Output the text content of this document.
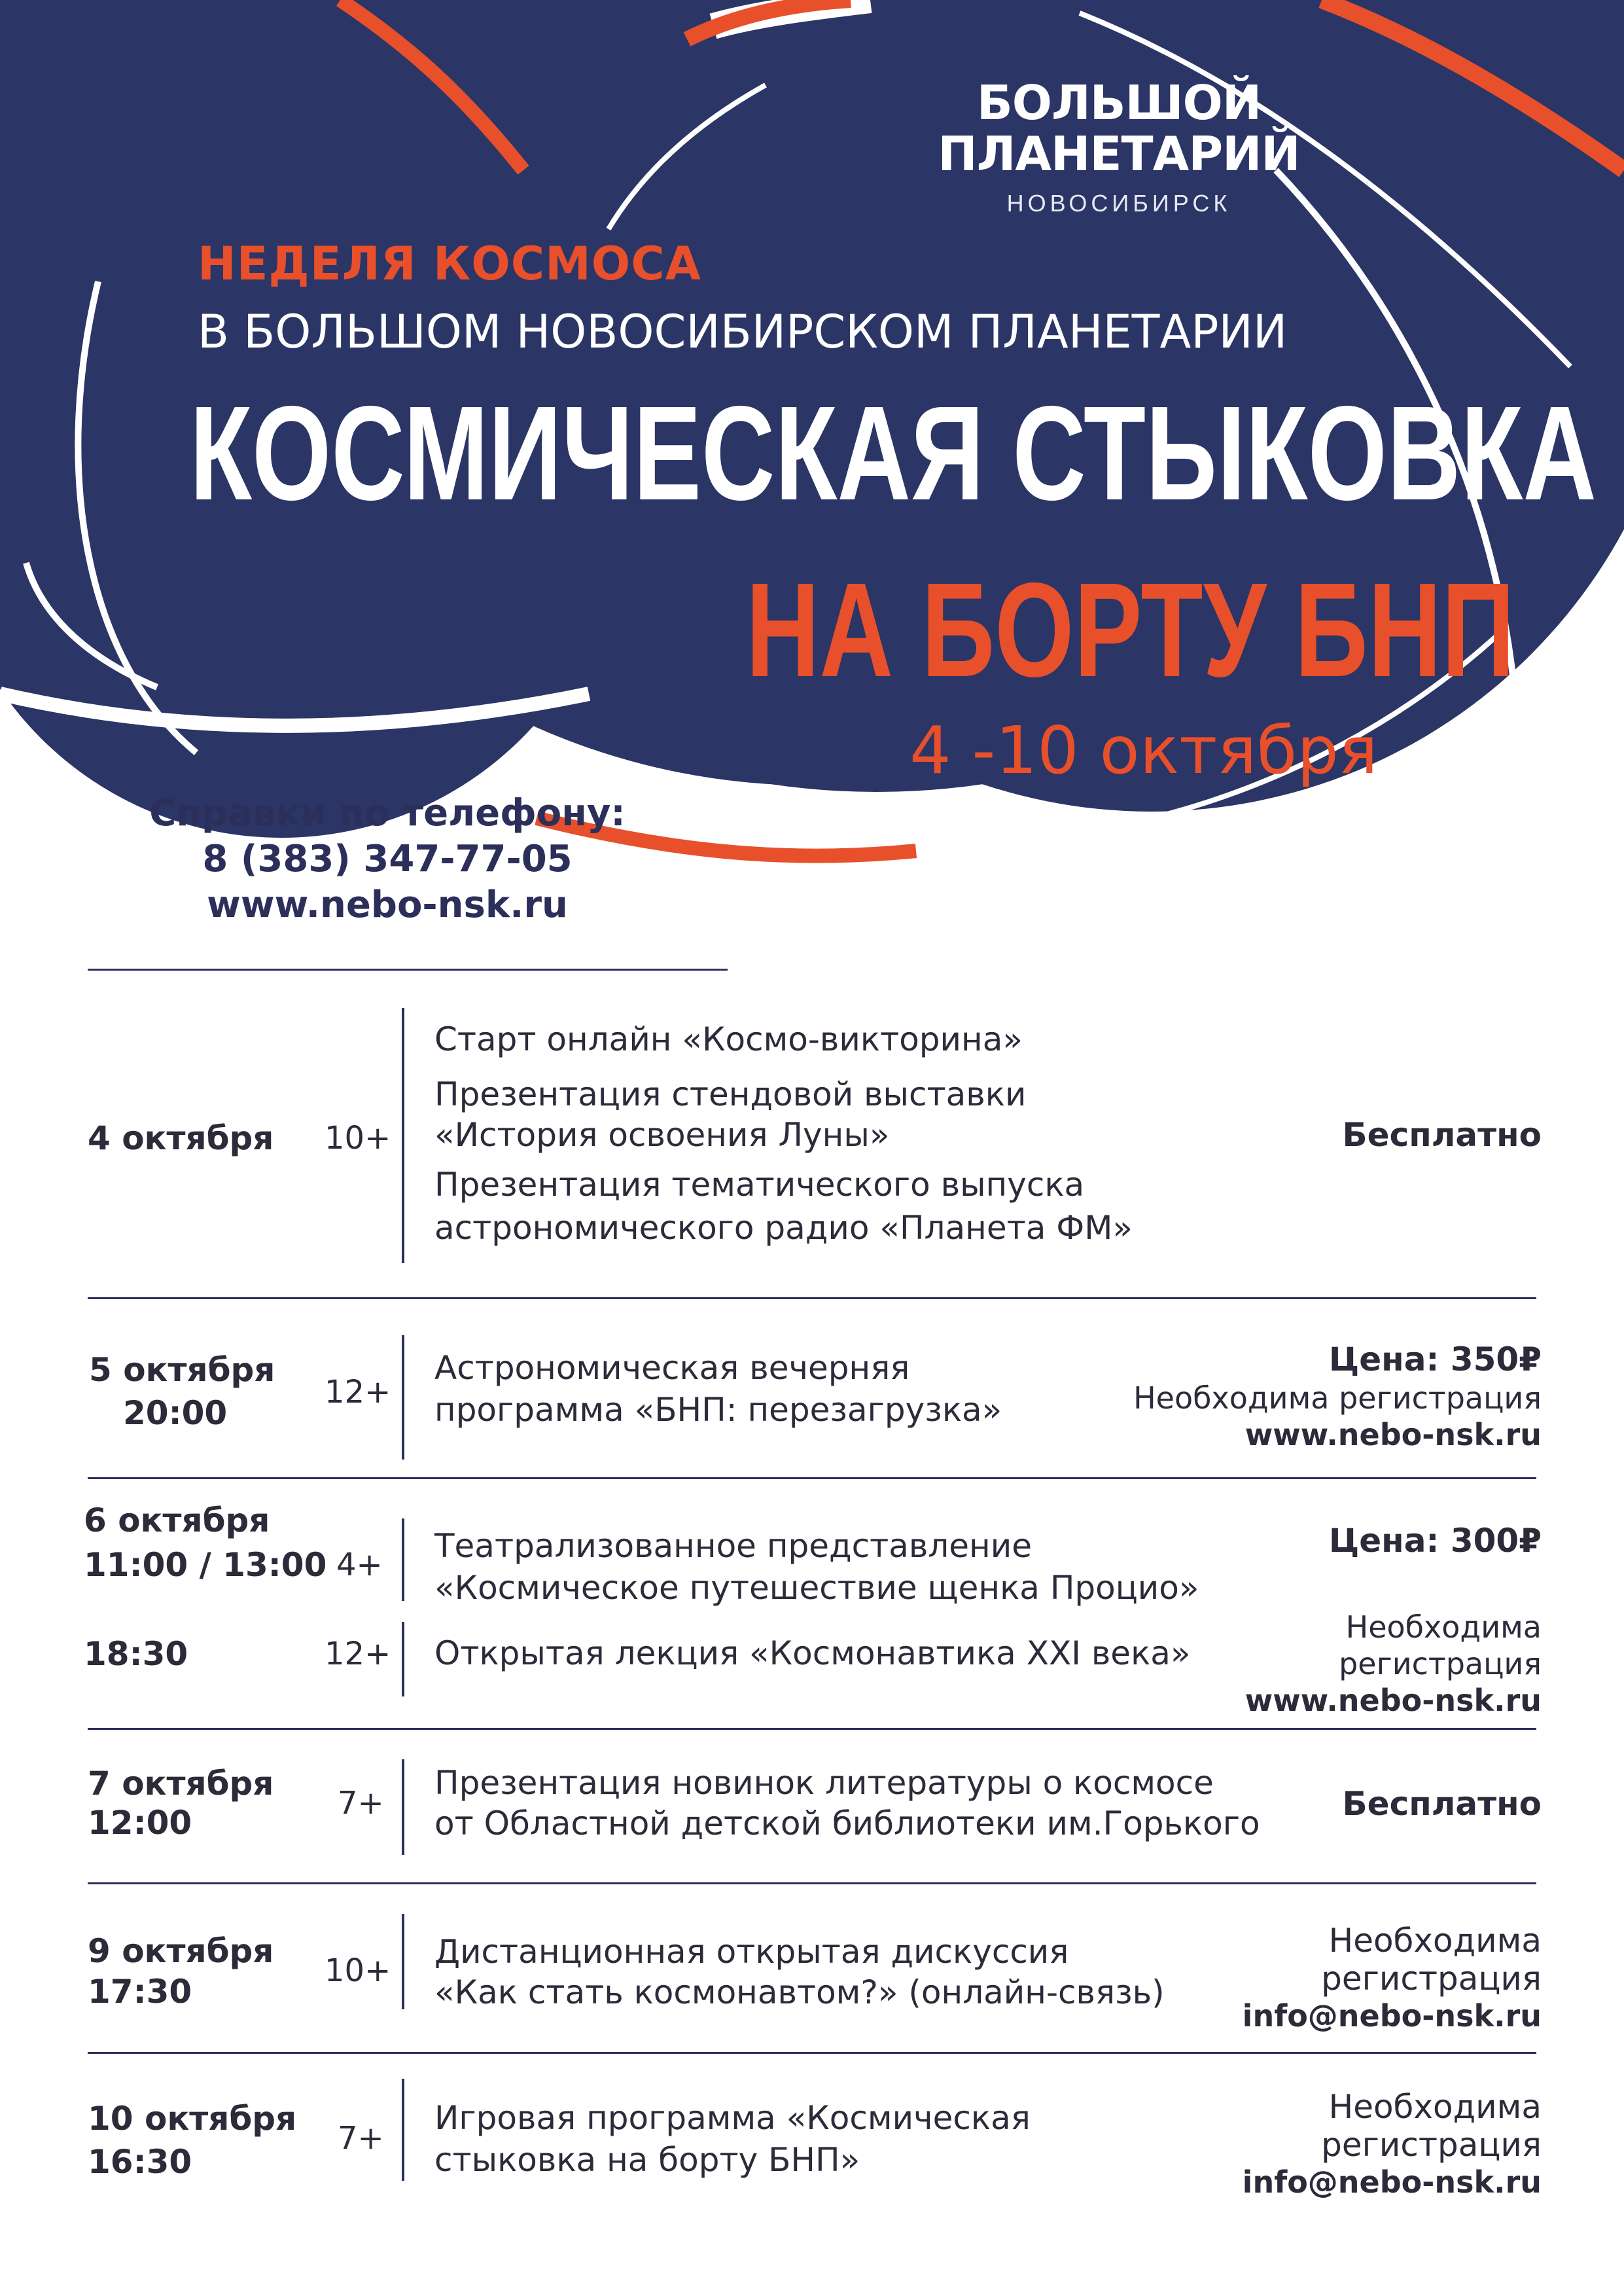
БОЛЬШОЙ
ПЛАНЕТАРИЙ
НОВОСИБИРСК
НЕДЕЛЯ КОСМОСА
В БОЛЬШОМ НОВОСИБИРСКОМ ПЛАНЕТАРИИ
КОСМИЧЕСКАЯ СТЫКОВКА
НА БОРТУ БНП
4 -10 октября
Справки по телефону:
8 (383) 347-77-05
www.nebo-nsk.ru
4 октября 10+
Старт онлайн «Космо-викторина»
Презентация стендовой выставки
«История освоения Луны»
Презентация тематического выпуска
астрономического радио «Планета ФМ»
Бесплатно
5 октября
20:00
12+
Астрономическая вечерняя
программа «БНП: перезагрузка»
Цена: 350₽
Необходима регистрация
www.nebo-nsk.ru
6 октября
11:00 / 13:00 4+ Театрализованное представление
«Космическое путешествие щенка Процио»
Цена: 300₽
18:30	12+ Открытая лекция «Космонавтика XXI века»
Необходима
регистрация
www.nebo-nsk.ru
7 октября
12:00
7+
Презентация новинок литературы о космосе
от Областной детской библиотеки им.Горького
Бесплатно
9 октября
17:30
10+ Дистанционная открытая дискуссия
«Как стать космонавтом?» (онлайн-связь)
Необходима
регистрация
info@nebo-nsk.ru
10 октября
16:30
7+
Игровая программа «Космическая
стыковка на борту БНП»
Необходима
регистрация
info@nebo-nsk.ru
